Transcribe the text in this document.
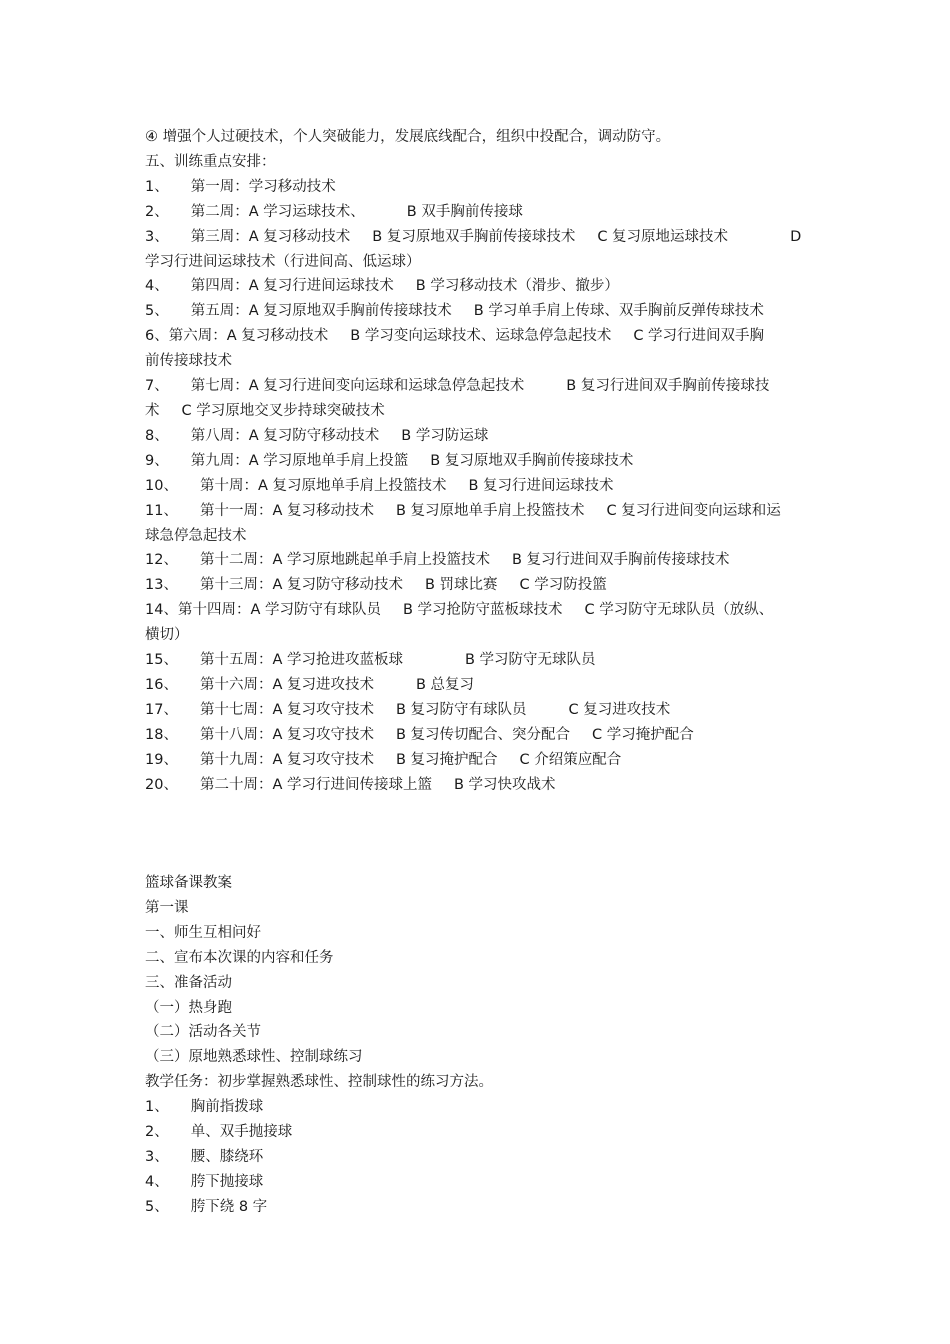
④ 增强个人过硬技术，个人突破能力，发展底线配合，组织中投配合，调动防守。
五、训练重点安排：
1、 第一周：学习移动技术
2、 第二周：A 学习运球技术、	B 双手胸前传接球
3、 第三周：A 复习移动技术 B 复习原地双手胸前传接球技术 C 复习原地运球技术	D
学习行进间运球技术（行进间高、低运球）
4、 第四周：A 复习行进间运球技术 B 学习移动技术（滑步、撤步）
5、 第五周：A 复习原地双手胸前传接球技术 B 学习单手肩上传球、双手胸前反弹传球技术
6、第六周：A 复习移动技术 B 学习变向运球技术、运球急停急起技术 C 学习行进间双手胸
前传接球技术
7、 第七周：A 复习行进间变向运球和运球急停急起技术	B 复习行进间双手胸前传接球技
术 C 学习原地交叉步持球突破技术
8、 第八周：A 复习防守移动技术 B 学习防运球
9、 第九周：A 学习原地单手肩上投篮 B 复习原地双手胸前传接球技术
10、 第十周：A 复习原地单手肩上投篮技术 B 复习行进间运球技术
11、 第十一周：A 复习移动技术 B 复习原地单手肩上投篮技术 C 复习行进间变向运球和运
球急停急起技术
12、 第十二周：A 学习原地跳起单手肩上投篮技术 B 复习行进间双手胸前传接球技术
13、 第十三周：A 复习防守移动技术 B 罚球比赛 C 学习防投篮
14、第十四周：A 学习防守有球队员 B 学习抢防守蓝板球技术 C 学习防守无球队员（放纵、
横切）
15、 第十五周：A 学习抢进攻蓝板球	B 学习防守无球队员
16、 第十六周：A 复习进攻技术	B 总复习
17、 第十七周：A 复习攻守技术 B 复习防守有球队员	C 复习进攻技术
18、 第十八周：A 复习攻守技术 B 复习传切配合、突分配合 C 学习掩护配合
19、 第十九周：A 复习攻守技术 B 复习掩护配合 C 介绍策应配合
20、 第二十周：A 学习行进间传接球上篮 B 学习快攻战术
篮球备课教案
第一课
一、师生互相问好
二、宣布本次课的内容和任务
三、准备活动
（一）热身跑
（二）活动各关节
（三）原地熟悉球性、控制球练习
教学任务：初步掌握熟悉球性、控制球性的练习方法。
1、 胸前指拨球
2、 单、双手抛接球
3、 腰、膝绕环
4、 胯下抛接球
5、 胯下绕 8 字
